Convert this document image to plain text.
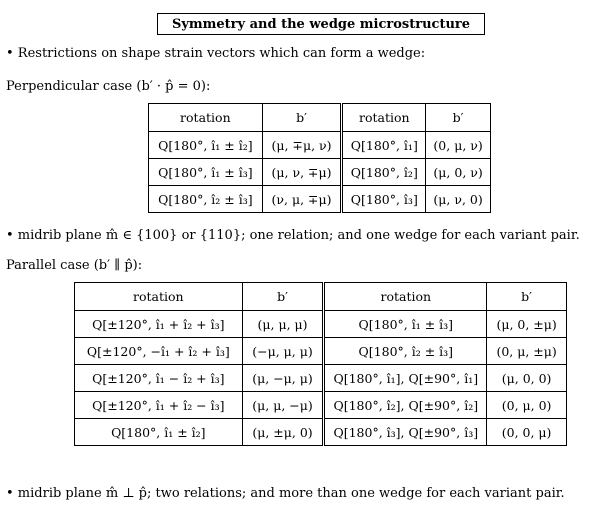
Symmetry and the wedge microstructure
• Restrictions on shape strain vectors which can form a wedge:
Perpendicular case (b′ · p̂ = 0):
rotation	b′	rotation	b′
Q[180°, î₁ ± î₂]	(μ, ∓μ, ν)	Q[180°, î₁]	(0, μ, ν)
Q[180°, î₁ ± î₃]	(μ, ν, ∓μ)	Q[180°, î₂]	(μ, 0, ν)
Q[180°, î₂ ± î₃]	(ν, μ, ∓μ)	Q[180°, î₃]	(μ, ν, 0)
• midrib plane m̂ ∈ {100} or {110}; one relation; and one wedge for each variant pair.
Parallel case (b′ ∥ p̂):
rotation	b′	rotation	b′
Q[±120°, î₁ + î₂ + î₃]	(μ, μ, μ)	Q[180°, î₁ ± î₃]	(μ, 0, ±μ)
Q[±120°, −î₁ + î₂ + î₃]	(−μ, μ, μ)	Q[180°, î₂ ± î₃]	(0, μ, ±μ)
Q[±120°, î₁ − î₂ + î₃]	(μ, −μ, μ)	Q[180°, î₁], Q[±90°, î₁]	(μ, 0, 0)
Q[±120°, î₁ + î₂ − î₃]	(μ, μ, −μ)	Q[180°, î₂], Q[±90°, î₂]	(0, μ, 0)
Q[180°, î₁ ± î₂]	(μ, ±μ, 0)	Q[180°, î₃], Q[±90°, î₃]	(0, 0, μ)
• midrib plane m̂ ⊥ p̂; two relations; and more than one wedge for each variant pair.
